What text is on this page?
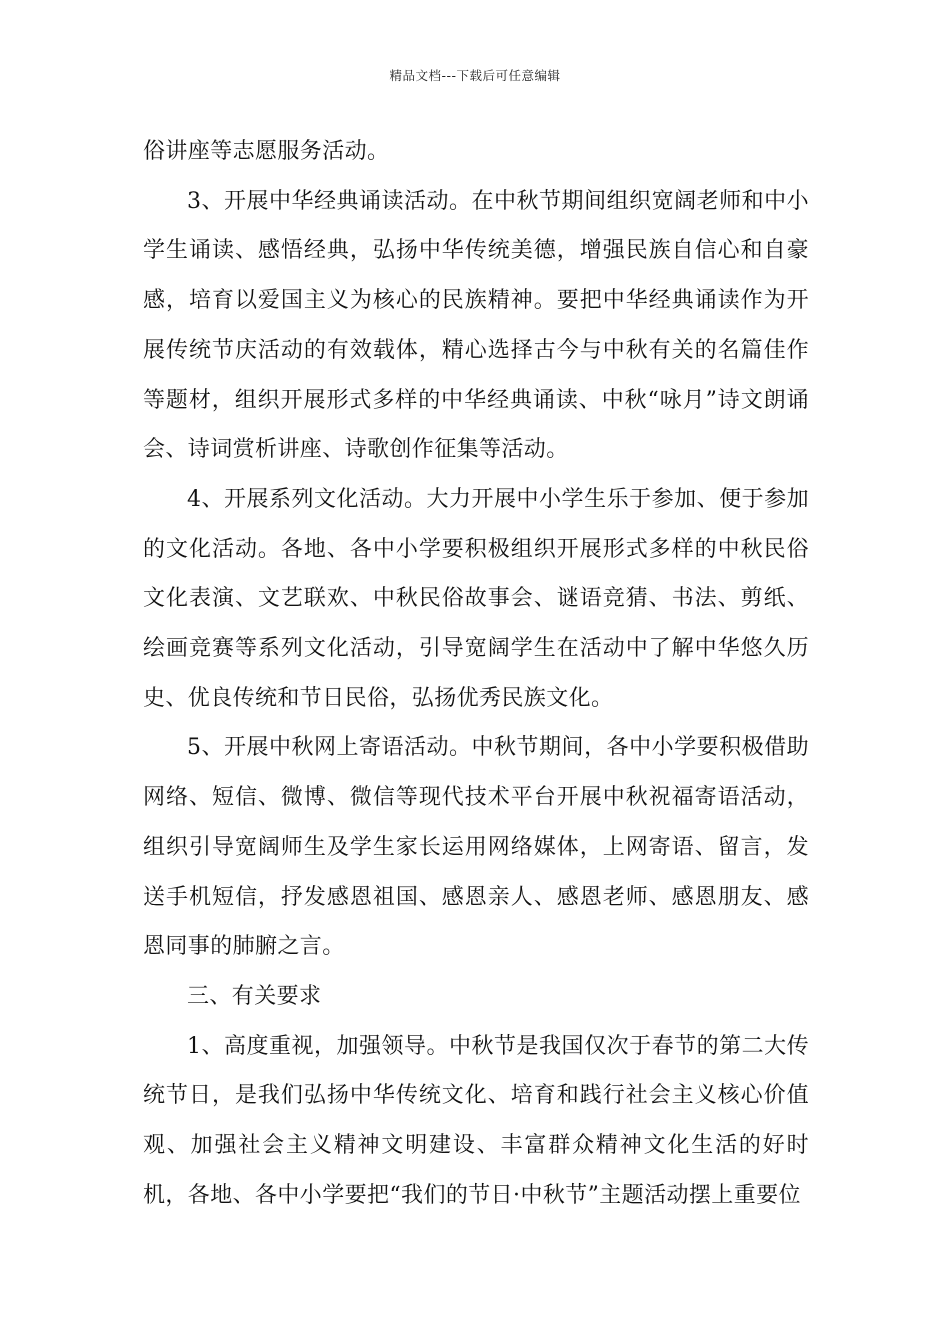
精品文档---下载后可任意编辑

俗讲座等志愿服务活动。

3、开展中华经典诵读活动。在中秋节期间组织宽阔老师和中小学生诵读、感悟经典，弘扬中华传统美德，增强民族自信心和自豪感，培育以爱国主义为核心的民族精神。要把中华经典诵读作为开展传统节庆活动的有效载体，精心选择古今与中秋有关的名篇佳作等题材，组织开展形式多样的中华经典诵读、中秋“咏月”诗文朗诵会、诗词赏析讲座、诗歌创作征集等活动。

4、开展系列文化活动。大力开展中小学生乐于参加、便于参加的文化活动。各地、各中小学要积极组织开展形式多样的中秋民俗文化表演、文艺联欢、中秋民俗故事会、谜语竞猜、书法、剪纸、绘画竞赛等系列文化活动，引导宽阔学生在活动中了解中华悠久历史、优良传统和节日民俗，弘扬优秀民族文化。

5、开展中秋网上寄语活动。中秋节期间，各中小学要积极借助网络、短信、微博、微信等现代技术平台开展中秋祝福寄语活动，组织引导宽阔师生及学生家长运用网络媒体，上网寄语、留言，发送手机短信，抒发感恩祖国、感恩亲人、感恩老师、感恩朋友、感恩同事的肺腑之言。

三、有关要求

1、高度重视，加强领导。中秋节是我国仅次于春节的第二大传统节日，是我们弘扬中华传统文化、培育和践行社会主义核心价值观、加强社会主义精神文明建设、丰富群众精神文化生活的好时机，各地、各中小学要把“我们的节日·中秋节”主题活动摆上重要位
